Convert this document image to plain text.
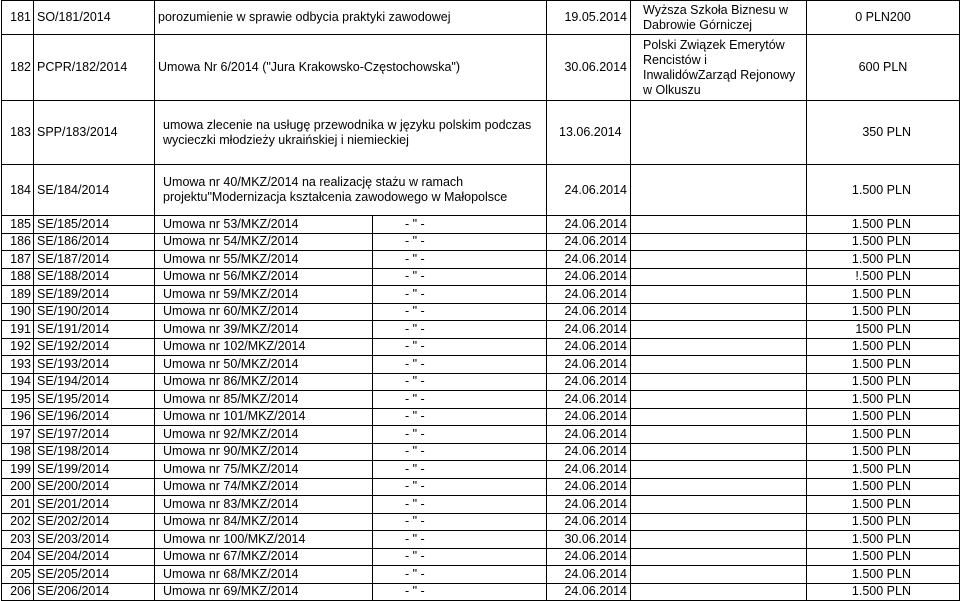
181	SO/181/2014	porozumienie w sprawie odbycia praktyki zawodowej		19.05.2014	Wyższa Szkoła Biznesu w Dabrowie Górniczej	0 PLN200
182	PCPR/182/2014	Umowa Nr 6/2014 ("Jura Krakowsko-Częstochowska")		30.06.2014	Polski Związek Emerytów Rencistów i InwalidówZarząd Rejonowy w Olkuszu	600 PLN
183	SPP/183/2014	umowa zlecenie na usługę przewodnika w języku polskim podczas wycieczki młodzieży ukraińskiej i niemieckiej		13.06.2014		350 PLN
184	SE/184/2014	Umowa nr 40/MKZ/2014 na realizację stażu w ramach projektu"Modernizacja kształcenia zawodowego w Małopolsce		24.06.2014		1.500 PLN
185	SE/185/2014	Umowa nr 53/MKZ/2014	- " -	24.06.2014		1.500 PLN
186	SE/186/2014	Umowa nr 54/MKZ/2014	- " -	24.06.2014		1.500 PLN
187	SE/187/2014	Umowa nr 55/MKZ/2014	- " -	24.06.2014		1.500 PLN
188	SE/188/2014	Umowa nr 56/MKZ/2014	- " -	24.06.2014		!.500 PLN
189	SE/189/2014	Umowa nr 59/MKZ/2014	- " -	24.06.2014		1.500 PLN
190	SE/190/2014	Umowa nr 60/MKZ/2014	- " -	24.06.2014		1.500 PLN
191	SE/191/2014	Umowa nr 39/MKZ/2014	- " -	24.06.2014		1500 PLN
192	SE/192/2014	Umowa nr 102/MKZ/2014	- " -	24.06.2014		1.500 PLN
193	SE/193/2014	Umowa nr 50/MKZ/2014	- " -	24.06.2014		1.500 PLN
194	SE/194/2014	Umowa nr 86/MKZ/2014	- " -	24.06.2014		1.500 PLN
195	SE/195/2014	Umowa nr 85/MKZ/2014	- " -	24.06.2014		1.500 PLN
196	SE/196/2014	Umowa nr 101/MKZ/2014	- " -	24.06.2014		1.500 PLN
197	SE/197/2014	Umowa nr 92/MKZ/2014	- " -	24.06.2014		1.500 PLN
198	SE/198/2014	Umowa nr 90/MKZ/2014	- " -	24.06.2014		1.500 PLN
199	SE/199/2014	Umowa nr 75/MKZ/2014	- " -	24.06.2014		1.500 PLN
200	SE/200/2014	Umowa nr 74/MKZ/2014	- " -	24.06.2014		1.500 PLN
201	SE/201/2014	Umowa nr 83/MKZ/2014	- " -	24.06.2014		1.500 PLN
202	SE/202/2014	Umowa nr 84/MKZ/2014	- " -	24.06.2014		1.500 PLN
203	SE/203/2014	Umowa nr 100/MKZ/2014	- " -	30.06.2014		1.500 PLN
204	SE/204/2014	Umowa nr 67/MKZ/2014	- " -	24.06.2014		1.500 PLN
205	SE/205/2014	Umowa nr 68/MKZ/2014	- " -	24.06.2014		1.500 PLN
206	SE/206/2014	Umowa nr 69/MKZ/2014	- " -	24.06.2014		1.500 PLN
